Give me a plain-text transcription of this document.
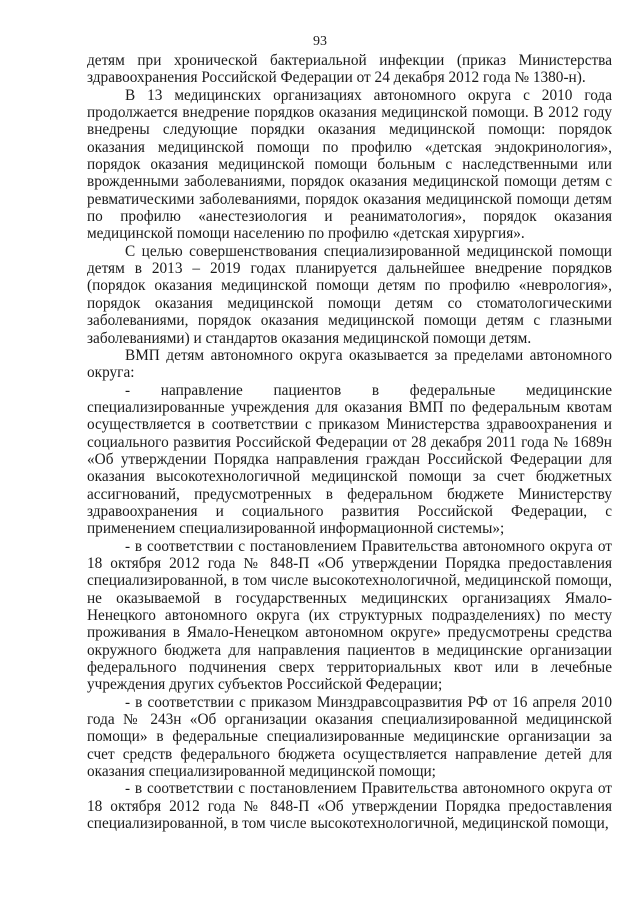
93

детям при хронической бактериальной инфекции (приказ Министерства здравоохранения Российской Федерации от 24 декабря 2012 года № 1380-н).

В 13 медицинских организациях автономного округа с 2010 года продолжается внедрение порядков оказания медицинской помощи. В 2012 году внедрены следующие порядки оказания медицинской помощи: порядок оказания медицинской помощи по профилю «детская эндокринология», порядок оказания медицинской помощи больным с наследственными или врожденными заболеваниями, порядок оказания медицинской помощи детям с ревматическими заболеваниями, порядок оказания медицинской помощи детям по профилю «анестезиология и реаниматология», порядок оказания медицинской помощи населению по профилю «детская хирургия».

С целью совершенствования специализированной медицинской помощи детям в 2013 – 2019 годах планируется дальнейшее внедрение порядков (порядок оказания медицинской помощи детям по профилю «неврология», порядок оказания медицинской помощи детям со стоматологическими заболеваниями, порядок оказания медицинской помощи детям с глазными заболеваниями) и стандартов оказания медицинской помощи детям.

ВМП детям автономного округа оказывается за пределами автономного округа:

- направление пациентов в федеральные медицинские специализированные учреждения для оказания ВМП по федеральным квотам осуществляется в соответствии с приказом Министерства здравоохранения и социального развития Российской Федерации от 28 декабря 2011 года № 1689н «Об утверждении Порядка направления граждан Российской Федерации для оказания высокотехнологичной медицинской помощи за счет бюджетных ассигнований, предусмотренных в федеральном бюджете Министерству здравоохранения и социального развития Российской Федерации, с применением специализированной информационной системы»;

- в соответствии с постановлением Правительства автономного округа от 18 октября 2012 года № 848-П «Об утверждении Порядка предоставления специализированной, в том числе высокотехнологичной, медицинской помощи, не оказываемой в государственных медицинских организациях Ямало-Ненецкого автономного округа (их структурных подразделениях) по месту проживания в Ямало-Ненецком автономном округе» предусмотрены средства окружного бюджета для направления пациентов в медицинские организации федерального подчинения сверх территориальных квот или в лечебные учреждения других субъектов Российской Федерации;

- в соответствии с приказом Минздравсоцразвития РФ от 16 апреля 2010 года № 243н «Об организации оказания специализированной медицинской помощи» в федеральные специализированные медицинские организации за счет средств федерального бюджета осуществляется направление детей для оказания специализированной медицинской помощи;

- в соответствии с постановлением Правительства автономного округа от 18 октября 2012 года № 848-П «Об утверждении Порядка предоставления специализированной, в том числе высокотехнологичной, медицинской помощи,
